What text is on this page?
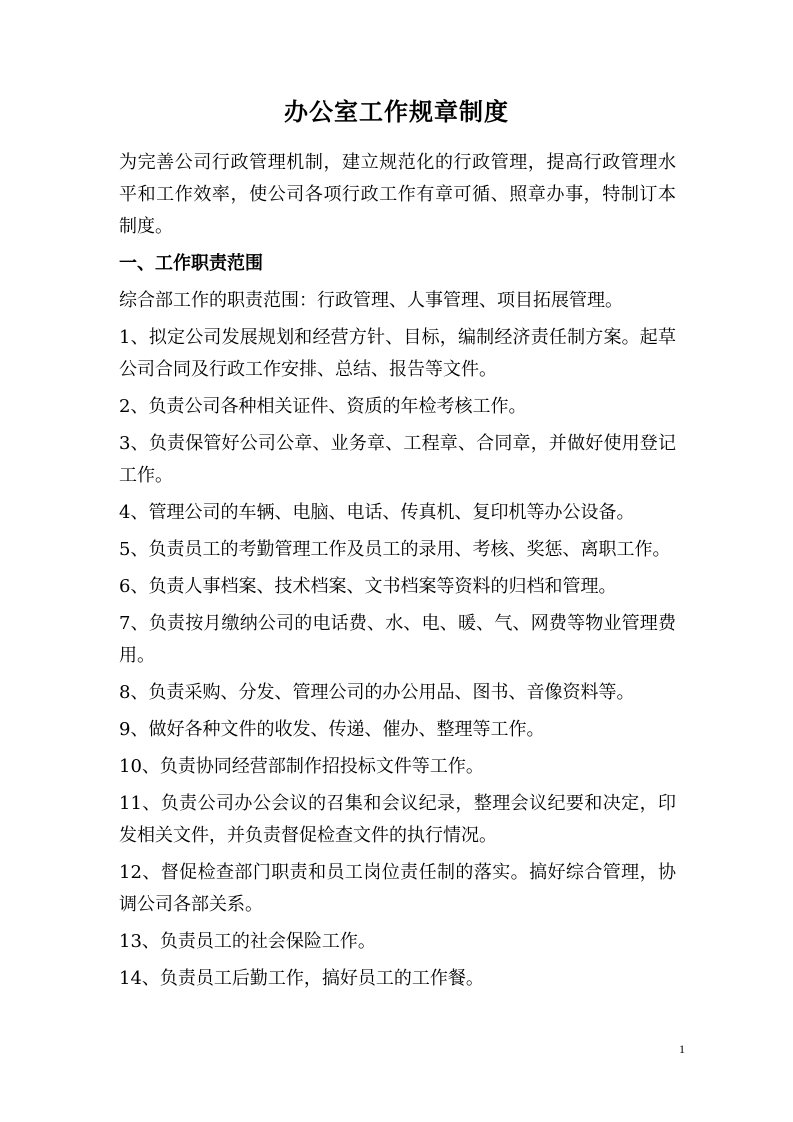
办公室工作规章制度

为完善公司行政管理机制，建立规范化的行政管理，提高行政管理水平和工作效率，使公司各项行政工作有章可循、照章办事，特制订本制度。

一、工作职责范围

综合部工作的职责范围：行政管理、人事管理、项目拓展管理。

1、拟定公司发展规划和经营方针、目标，编制经济责任制方案。起草公司合同及行政工作安排、总结、报告等文件。

2、负责公司各种相关证件、资质的年检考核工作。

3、负责保管好公司公章、业务章、工程章、合同章，并做好使用登记工作。

4、管理公司的车辆、电脑、电话、传真机、复印机等办公设备。

5、负责员工的考勤管理工作及员工的录用、考核、奖惩、离职工作。

6、负责人事档案、技术档案、文书档案等资料的归档和管理。

7、负责按月缴纳公司的电话费、水、电、暖、气、网费等物业管理费用。

8、负责采购、分发、管理公司的办公用品、图书、音像资料等。

9、做好各种文件的收发、传递、催办、整理等工作。

10、负责协同经营部制作招投标文件等工作。

11、负责公司办公会议的召集和会议纪录，整理会议纪要和决定，印发相关文件，并负责督促检查文件的执行情况。

12、督促检查部门职责和员工岗位责任制的落实。搞好综合管理，协调公司各部关系。

13、负责员工的社会保险工作。

14、负责员工后勤工作，搞好员工的工作餐。

1
